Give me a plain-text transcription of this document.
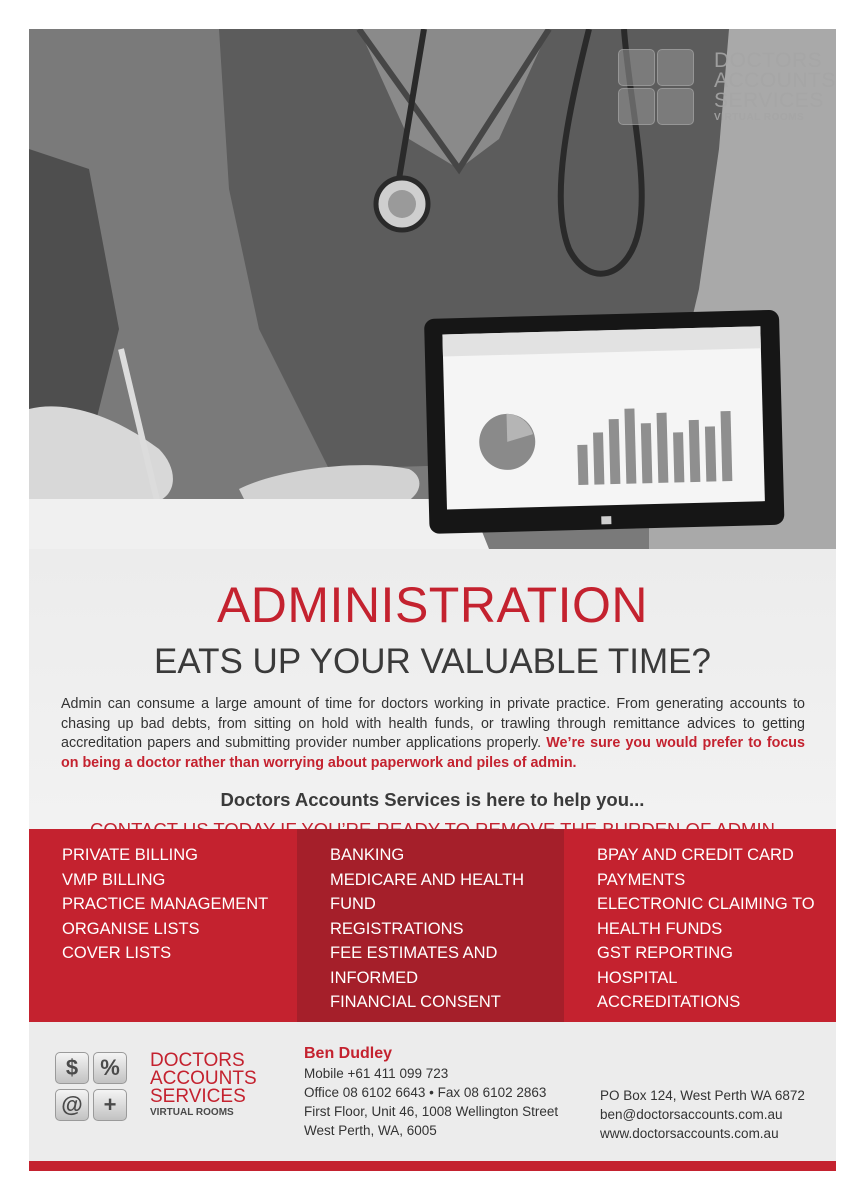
DOCTORS
ACCOUNTS
SERVICES
VIRTUAL ROOMS
ADMINISTRATION
EATS UP YOUR VALUABLE TIME?
Admin can consume a large amount of time for doctors working in private practice. From generating accounts to chasing up bad debts, from sitting on hold with health funds, or trawling through remittance advices to getting accreditation papers and submitting provider number applications properly. We’re sure you would prefer to focus on being a doctor rather than worrying about paperwork and piles of admin.
Doctors Accounts Services is here to help you...
PRIVATE BILLING
VMP BILLING
PRACTICE MANAGEMENT
ORGANISE LISTS
COVER LISTS
BANKING
MEDICARE AND HEALTH
FUND
REGISTRATIONS
FEE ESTIMATES AND
INFORMED
FINANCIAL CONSENT
BPAY AND CREDIT CARD
PAYMENTS
ELECTRONIC CLAIMING TO
HEALTH FUNDS
GST REPORTING
HOSPITAL
ACCREDITATIONS
$	%
@ +
DOCTORS
ACCOUNTS
SERVICES
VIRTUAL ROOMS
Ben Dudley
Mobile +61 411 099 723
Office 08 6102 6643 • Fax 08 6102 2863
First Floor, Unit 46, 1008 Wellington Street
West Perth, WA, 6005
PO Box 124, West Perth WA 6872
ben@doctorsaccounts.com.au
www.doctorsaccounts.com.au
